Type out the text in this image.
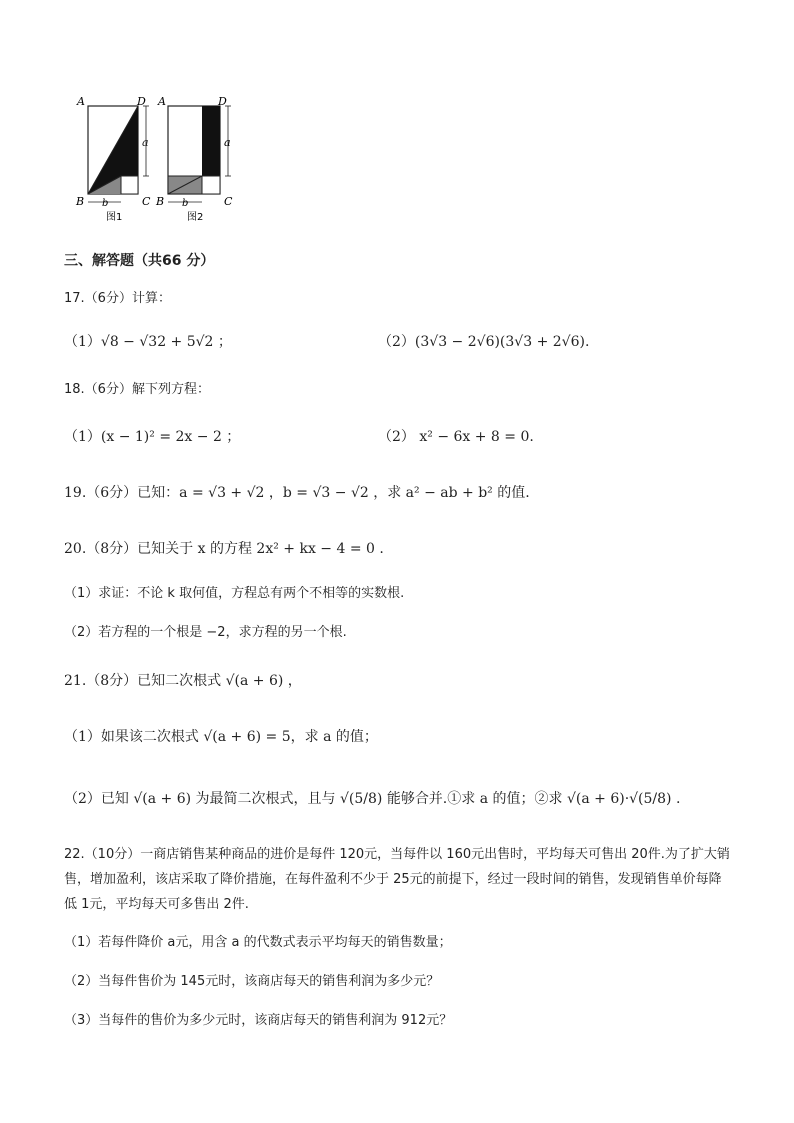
A	D
B	C
a
b
图1
A	D
B	C
a
b
图2
三、解答题（共66 分）
17.（6分）计算：
（1）√8 − √32 + 5√2 ；	（2）(3√3 − 2√6)(3√3 + 2√6).
18.（6分）解下列方程：
（1）(x − 1)² = 2x − 2 ；	（2） x² − 6x + 8 = 0.
19.（6分）已知：a = √3 + √2 ，b = √3 − √2 ，求 a² − ab + b² 的值.
20.（8分）已知关于 x 的方程 2x² + kx − 4 = 0 .
（1）求证：不论 k 取何值，方程总有两个不相等的实数根.
（2）若方程的一个根是 −2，求方程的另一个根.
21.（8分）已知二次根式 √(a + 6) ，
（1）如果该二次根式 √(a + 6) = 5，求 a 的值；
（2）已知 √(a + 6) 为最简二次根式，且与 √(5/8) 能够合并.①求 a 的值；②求 √(a + 6)·√(5/8) .
22.（10分）一商店销售某种商品的进价是每件 120元，当每件以 160元出售时，平均每天可售出 20件.为了扩大销售，增加盈利，该店采取了降价措施，在每件盈利不少于 25元的前提下，经过一段时间的销售，发现销售单价每降低 1元，平均每天可多售出 2件.
（1）若每件降价 a元，用含 a 的代数式表示平均每天的销售数量；
（2）当每件售价为 145元时，该商店每天的销售利润为多少元？
（3）当每件的售价为多少元时，该商店每天的销售利润为 912元？
